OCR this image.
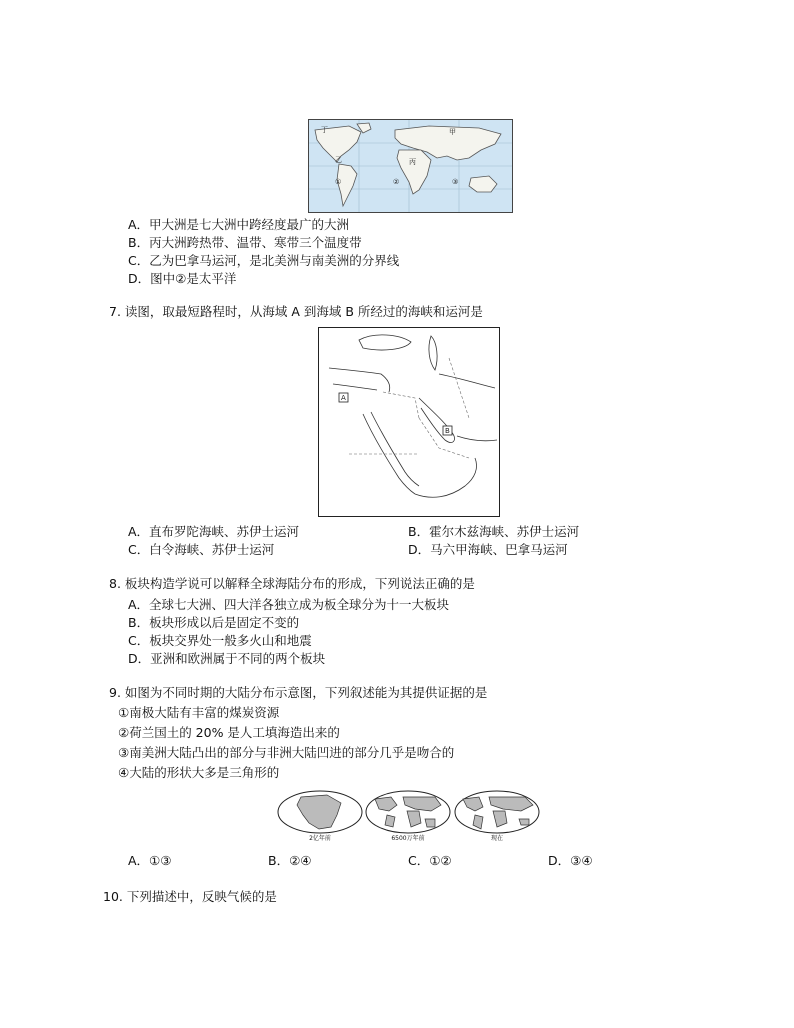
丁	甲
乙	丙
①	②	③
A．甲大洲是七大洲中跨经度最广的大洲
B．丙大洲跨热带、温带、寒带三个温度带
C．乙为巴拿马运河，是北美洲与南美洲的分界线
D．图中②是太平洋
7. 读图，取最短路程时，从海域 A 到海域 B 所经过的海峡和运河是
A
B
A．直布罗陀海峡、苏伊士运河	B．霍尔木兹海峡、苏伊士运河
C．白令海峡、苏伊士运河	D．马六甲海峡、巴拿马运河
8. 板块构造学说可以解释全球海陆分布的形成，下列说法正确的是
A．全球七大洲、四大洋各独立成为板全球分为十一大板块
B．板块形成以后是固定不变的
C．板块交界处一般多火山和地震
D．亚洲和欧洲属于不同的两个板块
9. 如图为不同时期的大陆分布示意图，下列叙述能为其提供证据的是
①南极大陆有丰富的煤炭资源
②荷兰国土的 20% 是人工填海造出来的
③南美洲大陆凸出的部分与非洲大陆凹进的部分几乎是吻合的
④大陆的形状大多是三角形的
2亿年前	6500万年前	现在
A．①③	B．②④	C．①②	D．③④
10. 下列描述中，反映气候的是
